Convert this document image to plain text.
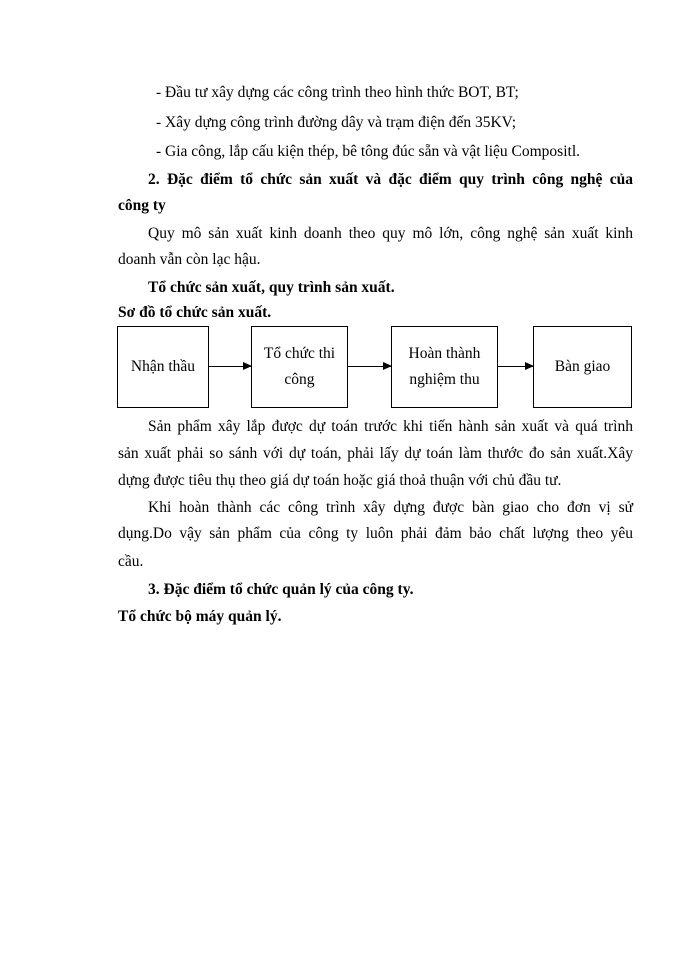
- Đầu tư xây dựng các công trình theo hình thức BOT, BT;
- Xây dựng công trình đường dây và trạm điện đến 35KV;
- Gia công, lắp cấu kiện thép, bê tông đúc sẵn và vật liệu Compositl.
2. Đặc điểm tổ chức sản xuất và đặc điểm quy trình công nghệ của
công ty
Quy mô sản xuất kinh doanh theo quy mô lớn, công nghệ sản xuất kinh
doanh vẫn còn lạc hậu.
Tổ chức sản xuất, quy trình sản xuất.
Sơ đồ tổ chức sản xuất.
Nhận thầu
Tổ chức thi
công
Hoàn thành
nghiệm thu
Bàn giao
Sản phẩm xây lắp được dự toán trước khi tiến hành sản xuất và quá trình
sản xuất phải so sánh với dự toán, phải lấy dự toán làm thước đo sản xuất.Xây
dựng được tiêu thụ theo giá dự toán hoặc giá thoả thuận với chủ đầu tư.
Khi hoàn thành các công trình xây dựng được bàn giao cho đơn vị sử
dụng.Do vậy sản phẩm của công ty luôn phải đảm bảo chất lượng theo yêu
cầu.
3. Đặc điểm tổ chức quản lý của công ty.
Tổ chức bộ máy quản lý.
